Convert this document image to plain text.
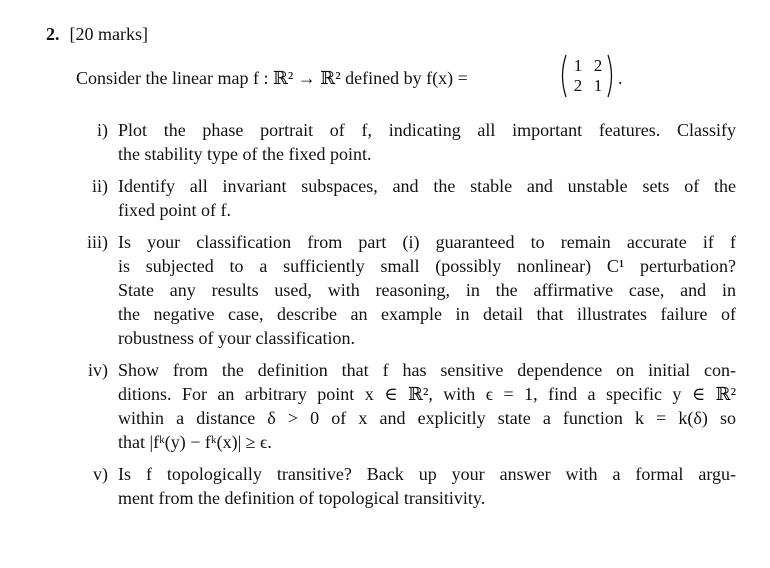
2. [20 marks]
Consider the linear map f : ℝ² → ℝ² defined by f(x) =
1 2
2 1 .
i) Plot the phase portrait of f, indicating all important features. Classify
the stability type of the fixed point.
ii) Identify all invariant subspaces, and the stable and unstable sets of the
fixed point of f.
iii) Is your classification from part (i) guaranteed to remain accurate if f
is subjected to a sufficiently small (possibly nonlinear) C¹ perturbation?
State any results used, with reasoning, in the affirmative case, and in
the negative case, describe an example in detail that illustrates failure of
robustness of your classification.
iv) Show from the definition that f has sensitive dependence on initial con-
ditions. For an arbitrary point x ∈ ℝ², with ϵ = 1, find a specific y ∈ ℝ²
within a distance δ > 0 of x and explicitly state a function k = k(δ) so
that |fᵏ(y) − fᵏ(x)| ≥ ϵ.
v) Is f topologically transitive? Back up your answer with a formal argu-
ment from the definition of topological transitivity.
